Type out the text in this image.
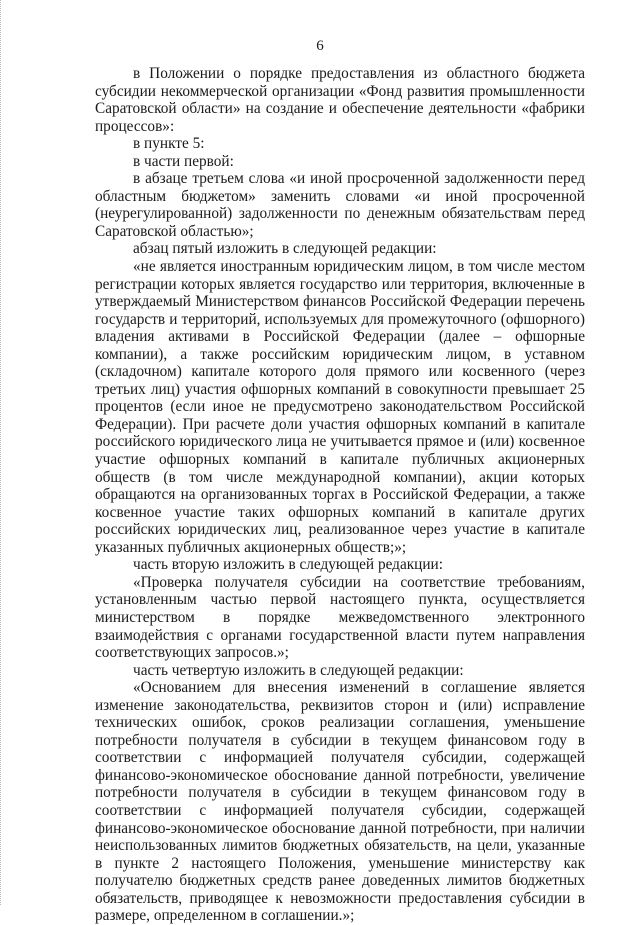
6

в Положении о порядке предоставления из областного бюджета субсидии некоммерческой организации «Фонд развития промышленности Саратовской области» на создание и обеспечение деятельности «фабрики процессов»:

в пункте 5:

в части первой:

в абзаце третьем слова «и иной просроченной задолженности перед областным бюджетом» заменить словами «и иной просроченной (неурегулированной) задолженности по денежным обязательствам перед Саратовской областью»;

абзац пятый изложить в следующей редакции:

«не является иностранным юридическим лицом, в том числе местом регистрации которых является государство или территория, включенные в утверждаемый Министерством финансов Российской Федерации перечень государств и территорий, используемых для промежуточного (офшорного) владения активами в Российской Федерации (далее – офшорные компании), а также российским юридическим лицом, в уставном (складочном) капитале которого доля прямого или косвенного (через третьих лиц) участия офшорных компаний в совокупности превышает 25 процентов (если иное не предусмотрено законодательством Российской Федерации). При расчете доли участия офшорных компаний в капитале российского юридического лица не учитывается прямое и (или) косвенное участие офшорных компаний в капитале публичных акционерных обществ (в том числе международной компании), акции которых обращаются на организованных торгах в Российской Федерации, а также косвенное участие таких офшорных компаний в капитале других российских юридических лиц, реализованное через участие в капитале указанных публичных акционерных обществ;»;

часть вторую изложить в следующей редакции:

«Проверка получателя субсидии на соответствие требованиям, установленным частью первой настоящего пункта, осуществляется министерством в порядке межведомственного электронного взаимодействия с органами государственной власти путем направления соответствующих запросов.»;

часть четвертую изложить в следующей редакции:

«Основанием для внесения изменений в соглашение является изменение законодательства, реквизитов сторон и (или) исправление технических ошибок, сроков реализации соглашения, уменьшение потребности получателя в субсидии в текущем финансовом году в соответствии с информацией получателя субсидии, содержащей финансово-экономическое обоснование данной потребности, увеличение потребности получателя в субсидии в текущем финансовом году в соответствии с информацией получателя субсидии, содержащей финансово-экономическое обоснование данной потребности, при наличии неиспользованных лимитов бюджетных обязательств, на цели, указанные в пункте 2 настоящего Положения, уменьшение министерству как получателю бюджетных средств ранее доведенных лимитов бюджетных обязательств, приводящее к невозможности предоставления субсидии в размере, определенном в соглашении.»;
